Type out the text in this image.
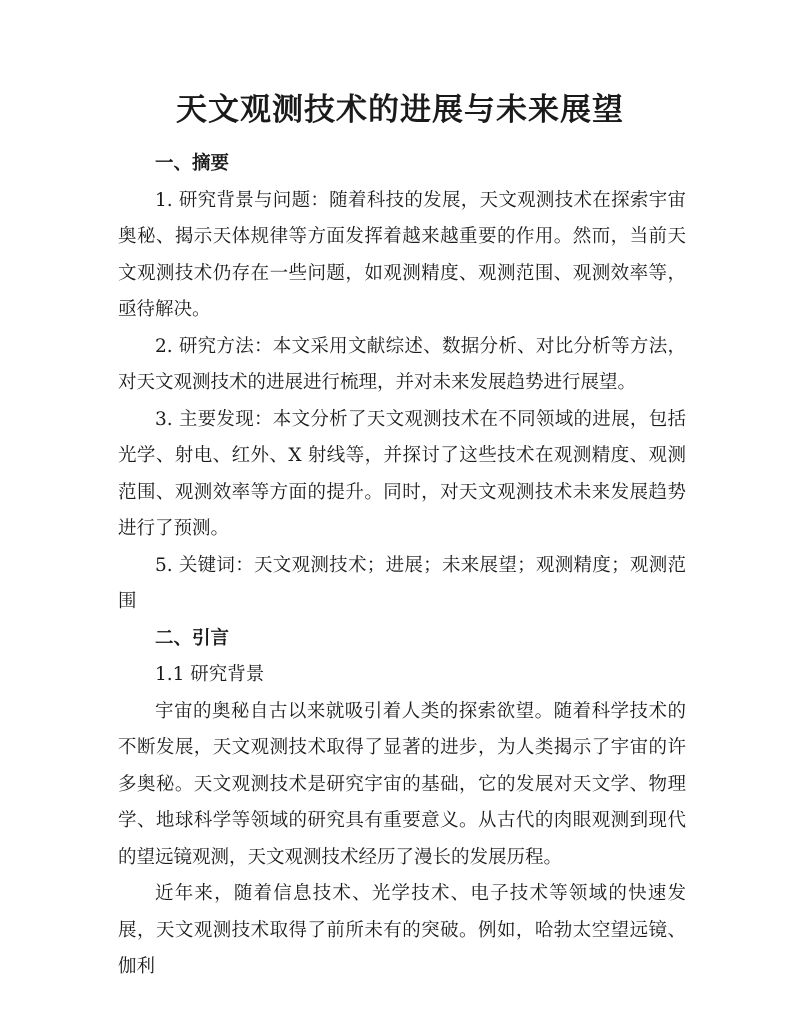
天文观测技术的进展与未来展望

一、摘要

1. 研究背景与问题：随着科技的发展，天文观测技术在探索宇宙奥秘、揭示天体规律等方面发挥着越来越重要的作用。然而，当前天文观测技术仍存在一些问题，如观测精度、观测范围、观测效率等，亟待解决。

2. 研究方法：本文采用文献综述、数据分析、对比分析等方法，对天文观测技术的进展进行梳理，并对未来发展趋势进行展望。

3. 主要发现：本文分析了天文观测技术在不同领域的进展，包括光学、射电、红外、X 射线等，并探讨了这些技术在观测精度、观测范围、观测效率等方面的提升。同时，对天文观测技术未来发展趋势进行了预测。

5. 关键词：天文观测技术；进展；未来展望；观测精度；观测范围

二、引言

1.1 研究背景

宇宙的奥秘自古以来就吸引着人类的探索欲望。随着科学技术的不断发展，天文观测技术取得了显著的进步，为人类揭示了宇宙的许多奥秘。天文观测技术是研究宇宙的基础，它的发展对天文学、物理学、地球科学等领域的研究具有重要意义。从古代的肉眼观测到现代的望远镜观测，天文观测技术经历了漫长的发展历程。

近年来，随着信息技术、光学技术、电子技术等领域的快速发展，天文观测技术取得了前所未有的突破。例如，哈勃太空望远镜、伽利
